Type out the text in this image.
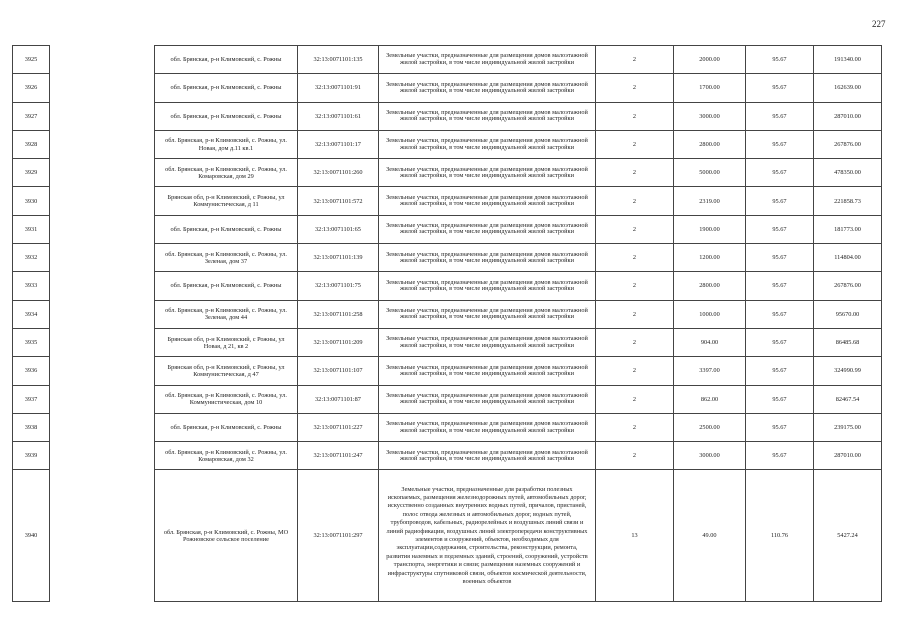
227
3925		обл. Брянская, р-н Климовский, с. Рожны	32:13:0071101:135	Земельные участки, предназначенные для размещения домов малоэтажной жилой застройки, в том числе индивидуальной жилой застройки	2	2000.00	95.67	191340.00
3926		обл. Брянская, р-н Климовский, с. Рожны	32:13:0071101:91	Земельные участки, предназначенные для размещения домов малоэтажной жилой застройки, в том числе индивидуальной жилой застройки	2	1700.00	95.67	162639.00
3927		обл. Брянская, р-н Климовский, с. Рожны	32:13:0071101:61	Земельные участки, предназначенные для размещения домов малоэтажной жилой застройки, в том числе индивидуальной жилой застройки	2	3000.00	95.67	287010.00
3928		обл. Брянская, р-н Климовский, с. Рожны, ул. Новая, дом д.11 кв.1	32:13:0071101:17	Земельные участки, предназначенные для размещения домов малоэтажной жилой застройки, в том числе индивидуальной жилой застройки	2	2800.00	95.67	267876.00
3929		обл. Брянская, р-н Климовский, с. Рожны, ул. Комаровская, дом 29	32:13:0071101:260	Земельные участки, предназначенные для размещения домов малоэтажной жилой застройки, в том числе индивидуальной жилой застройки	2	5000.00	95.67	478350.00
3930		Брянская обл, р-н Климовский, с Рожны, ул Коммунистическая, д 11	32:13:0071101:572	Земельные участки, предназначенные для размещения домов малоэтажной жилой застройки, в том числе индивидуальной жилой застройки	2	2319.00	95.67	221858.73
3931		обл. Брянская, р-н Климовский, с. Рожны	32:13:0071101:65	Земельные участки, предназначенные для размещения домов малоэтажной жилой застройки, в том числе индивидуальной жилой застройки	2	1900.00	95.67	181773.00
3932		обл. Брянская, р-н Климовский, с. Рожны, ул. Зеленая, дом 37	32:13:0071101:139	Земельные участки, предназначенные для размещения домов малоэтажной жилой застройки, в том числе индивидуальной жилой застройки	2	1200.00	95.67	114804.00
3933		обл. Брянская, р-н Климовский, с. Рожны	32:13:0071101:75	Земельные участки, предназначенные для размещения домов малоэтажной жилой застройки, в том числе индивидуальной жилой застройки	2	2800.00	95.67	267876.00
3934		обл. Брянская, р-н Климовский, с. Рожны, ул. Зеленая, дом 44	32:13:0071101:258	Земельные участки, предназначенные для размещения домов малоэтажной жилой застройки, в том числе индивидуальной жилой застройки	2	1000.00	95.67	95670.00
3935		Брянская обл, р-н Климовский, с Рожны, ул Новая, д 21, кв 2	32:13:0071101:209	Земельные участки, предназначенные для размещения домов малоэтажной жилой застройки, в том числе индивидуальной жилой застройки	2	904.00	95.67	86485.68
3936		Брянская обл, р-н Климовский, с Рожны, ул Коммунистическая, д 47	32:13:0071101:107	Земельные участки, предназначенные для размещения домов малоэтажной жилой застройки, в том числе индивидуальной жилой застройки	2	3397.00	95.67	324990.99
3937		обл. Брянская, р-н Климовский, с. Рожны, ул. Коммунистическая, дом 10	32:13:0071101:87	Земельные участки, предназначенные для размещения домов малоэтажной жилой застройки, в том числе индивидуальной жилой застройки	2	862.00	95.67	82467.54
3938		обл. Брянская, р-н Климовский, с. Рожны	32:13:0071101:227	Земельные участки, предназначенные для размещения домов малоэтажной жилой застройки, в том числе индивидуальной жилой застройки	2	2500.00	95.67	239175.00
3939		обл. Брянская, р-н Климовский, с. Рожны, ул. Комаровская, дом 32	32:13:0071101:247	Земельные участки, предназначенные для размещения домов малоэтажной жилой застройки, в том числе индивидуальной жилой застройки	2	3000.00	95.67	287010.00
3940		обл. Брянская, р-н Климовский, с. Рожны, МО Рожновское сельское поселение	32:13:0071101:297	Земельные участки, предназначенные для разработки полезных ископаемых, размещения железнодорожных путей, автомобильных дорог, искусственно созданных внутренних водных путей, причалов, пристаней, полос отвода железных и автомобильных дорог, водных путей, трубопроводов, кабельных, радиорелейных и воздушных линий связи и линий радиофикации, воздушных линий электропередачи конструктивных элементов и сооружений, объектов, необходимых для эксплуатации,содержания, строительства, реконструкции, ремонта, развития наземных и подземных зданий, строений, сооружений, устройств транспорта, энергетики и связи; размещения наземных сооружений и инфраструктуры спутниковой связи, объектов космической деятельности, военных объектов	13	49.00	110.76	5427.24
